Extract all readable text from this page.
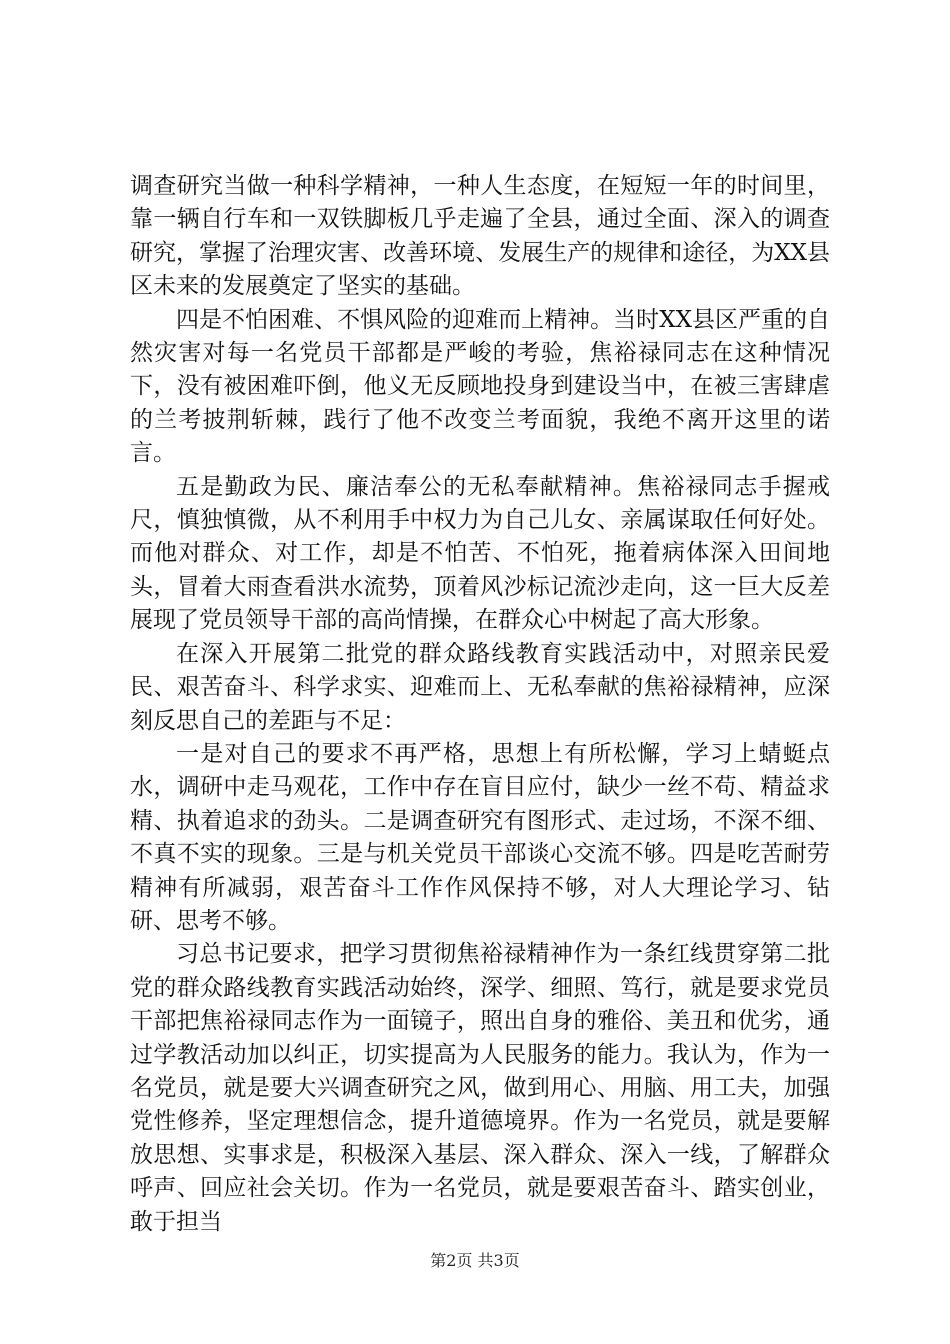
调查研究当做一种科学精神，一种人生态度，在短短一年的时间里，靠一辆自行车和一双铁脚板几乎走遍了全县，通过全面、深入的调查研究，掌握了治理灾害、改善环境、发展生产的规律和途径，为XX县区未来的发展奠定了坚实的基础。

四是不怕困难、不惧风险的迎难而上精神。当时XX县区严重的自然灾害对每一名党员干部都是严峻的考验，焦裕禄同志在这种情况下，没有被困难吓倒，他义无反顾地投身到建设当中，在被三害肆虐的兰考披荆斩棘，践行了他不改变兰考面貌，我绝不离开这里的诺言。

五是勤政为民、廉洁奉公的无私奉献精神。焦裕禄同志手握戒尺，慎独慎微，从不利用手中权力为自己儿女、亲属谋取任何好处。而他对群众、对工作，却是不怕苦、不怕死，拖着病体深入田间地头，冒着大雨查看洪水流势，顶着风沙标记流沙走向，这一巨大反差展现了党员领导干部的高尚情操，在群众心中树起了高大形象。

在深入开展第二批党的群众路线教育实践活动中，对照亲民爱民、艰苦奋斗、科学求实、迎难而上、无私奉献的焦裕禄精神，应深刻反思自己的差距与不足：

一是对自己的要求不再严格，思想上有所松懈，学习上蜻蜓点水，调研中走马观花，工作中存在盲目应付，缺少一丝不苟、精益求精、执着追求的劲头。二是调查研究有图形式、走过场，不深不细、不真不实的现象。三是与机关党员干部谈心交流不够。四是吃苦耐劳精神有所减弱，艰苦奋斗工作作风保持不够，对人大理论学习、钻研、思考不够。

习总书记要求，把学习贯彻焦裕禄精神作为一条红线贯穿第二批党的群众路线教育实践活动始终，深学、细照、笃行，就是要求党员干部把焦裕禄同志作为一面镜子，照出自身的雅俗、美丑和优劣，通过学教活动加以纠正，切实提高为人民服务的能力。我认为，作为一名党员，就是要大兴调查研究之风，做到用心、用脑、用工夫，加强党性修养，坚定理想信念，提升道德境界。作为一名党员，就是要解放思想、实事求是，积极深入基层、深入群众、深入一线，了解群众呼声、回应社会关切。作为一名党员，就是要艰苦奋斗、踏实创业，敢于担当

第2页 共3页
